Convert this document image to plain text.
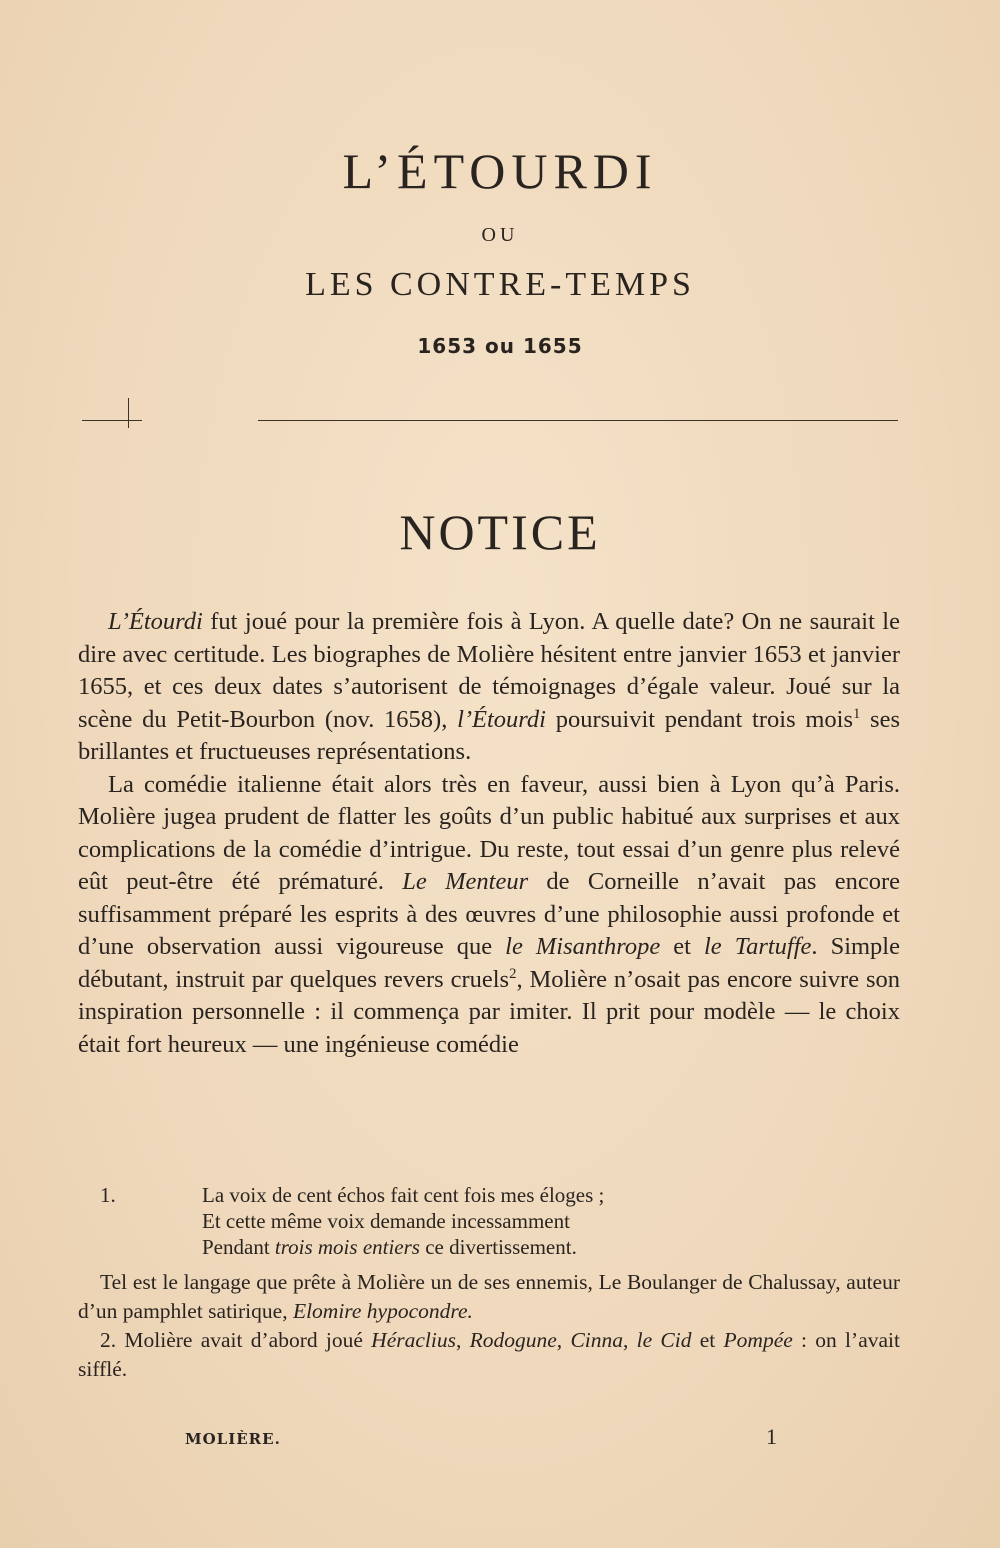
L’ÉTOURDI
OU
LES CONTRE-TEMPS
1653 ou 1655
NOTICE

L’Étourdi fut joué pour la première fois à Lyon. A quelle date? On ne saurait le dire avec certitude. Les biographes de Molière hésitent entre janvier 1653 et janvier 1655, et ces deux dates s’autorisent de témoignages d’égale valeur. Joué sur la scène du Petit-Bourbon (nov. 1658), l’Étourdi poursuivit pendant trois mois$^1$ ses brillantes et fructueuses représentations.

La comédie italienne était alors très en faveur, aussi bien à Lyon qu’à Paris. Molière jugea prudent de flatter les goûts d’un public habitué aux surprises et aux complications de la comédie d’intrigue. Du reste, tout essai d’un genre plus relevé eût peut-être été prématuré. Le Menteur de Corneille n’avait pas encore suffisamment préparé les esprits à des œuvres d’une philosophie aussi profonde et d’une observation aussi vigoureuse que le Misanthrope et le Tartuffe. Simple débutant, instruit par quelques revers cruels$^2$, Molière n’osait pas encore suivre son inspiration personnelle : il commença par imiter. Il prit pour modèle — le choix était fort heureux — une ingénieuse comédie

1.	La voix de cent échos fait cent fois mes éloges ;
Et cette même voix demande incessamment
Pendant trois mois entiers ce divertissement.

Tel est le langage que prête à Molière un de ses ennemis, Le Boulanger de Chalussay, auteur d’un pamphlet satirique, Elomire hypocondre.

2. Molière avait d’abord joué Héraclius, Rodogune, Cinna, le Cid et Pompée : on l’avait sifflé.

MOLIÈRE.	1
